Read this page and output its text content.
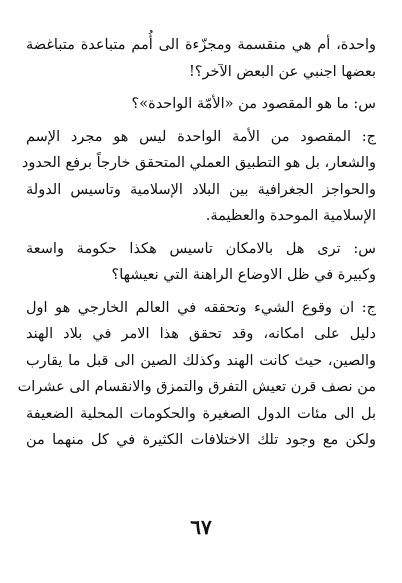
واحدة، أم هي منقسمة ومجزّءة الى أُمم متباعدة متباغضة
بعضها اجنبي عن البعض الآخر؟!
س: ما هو المقصود من «الأمّة الواحدة»؟
ج: المقصود من الأمة الواحدة ليس هو مجرد الإسم
والشعار، بل هو التطبيق العملي المتحقق خارجاً برفع الحدود
والحواجز الجغرافية بين البلاد الإسلامية وتاسيس الدولة
الإسلامية الموحدة والعظيمة.
س: ترى هل بالامكان تاسيس هكذا حكومة واسعة
وكبيرة في ظل الاوضاع الراهنة التي نعيشها؟
ج: ان وقوع الشيء وتحققه في العالم الخارجي هو اول
دليل على امكانه، وقد تحقق هذا الامر في بلاد الهند
والصين، حيث كانت الهند وكذلك الصين الى قبل ما يقارب
من نصف قرن تعيش التفرق والتمزق والانقسام الى عشرات
بل الى مئات الدول الصغيرة والحكومات المحلية الضعيفة
ولكن مع وجود تلك الاختلافات الكثيرة في كل منهما من
٦٧
